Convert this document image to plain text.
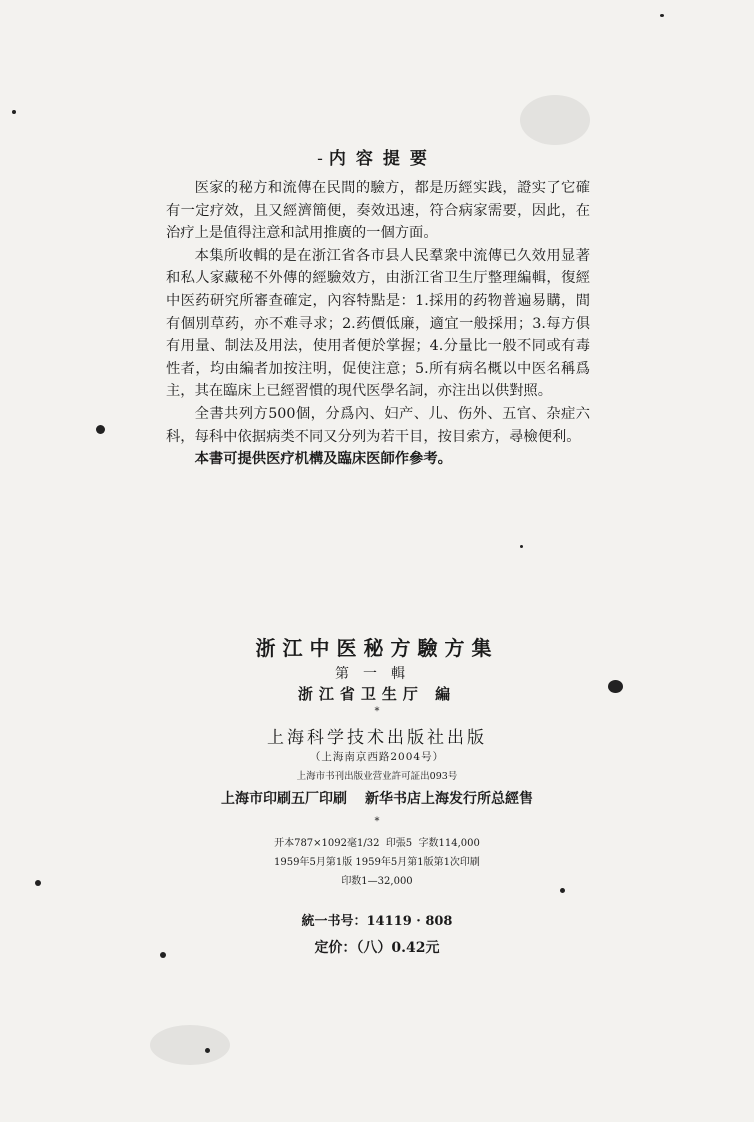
- 内容提要

医家的秘方和流傳在民間的驗方，都是历經实践，證实了它確有一定疗效，且又經濟簡便，奏效迅速，符合病家需要，因此，在治疗上是值得注意和試用推廣的一個方面。

本集所收輯的是在浙江省各市县人民羣衆中流傳已久效用显著和私人家藏秘不外傳的經驗效方，由浙江省卫生厅整理編輯，復經中医药研究所審查確定，內容特點是：1.採用的药物普遍易購，間有個別草药，亦不难寻求；2.药價低廉，適宜一般採用；3.每方俱有用量、制法及用法，使用者便於掌握；4.分量比一般不同或有毒性者，均由編者加按注明，促使注意；5.所有病名概以中医名稱爲主，其在臨床上已經習慣的現代医學名詞，亦注出以供對照。

全書共列方500個，分爲內、妇产、儿、伤外、五官、杂症六科，每科中依据病类不同又分列为若干目，按目索方，尋檢便利。

本書可提供医疗机構及臨床医師作參考。

浙江中医秘方驗方集
第一輯
浙江省卫生厅 編
*
上海科学技术出版社出版
（上海南京西路2004号）
上海市书刊出版业营业許可証出093号
上海市印刷五厂印刷 新华书店上海发行所总經售
*
开本787×1092毫1/32 印張5 字数114,000
1959年5月第1版 1959年5月第1版第1次印刷
印数1—32,000
統一书号：14119 · 808
定价：（八）0.42元
